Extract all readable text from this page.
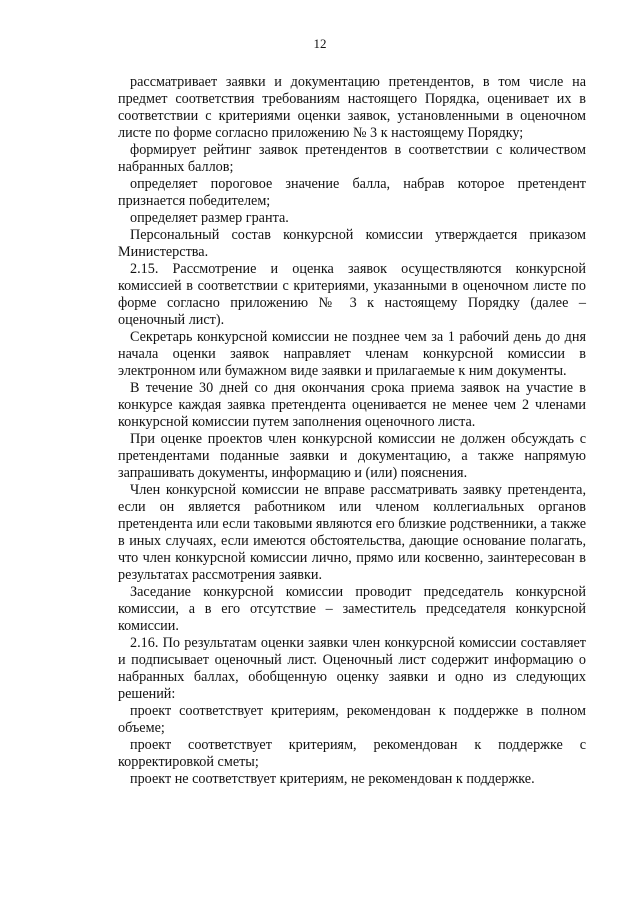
12

рассматривает заявки и документацию претендентов, в том числе на предмет соответствия требованиям настоящего Порядка, оценивает их в соответствии с критериями оценки заявок, установленными в оценочном листе по форме согласно приложению № 3 к настоящему Порядку;

формирует рейтинг заявок претендентов в соответствии с количеством набранных баллов;

определяет пороговое значение балла, набрав которое претендент признается победителем;

определяет размер гранта.

Персональный состав конкурсной комиссии утверждается приказом Министерства.

2.15. Рассмотрение и оценка заявок осуществляются конкурсной комиссией в соответствии с критериями, указанными в оценочном листе по форме согласно приложению № 3 к настоящему Порядку (далее – оценочный лист).

Секретарь конкурсной комиссии не позднее чем за 1 рабочий день до дня начала оценки заявок направляет членам конкурсной комиссии в электронном или бумажном виде заявки и прилагаемые к ним документы.

В течение 30 дней со дня окончания срока приема заявок на участие в конкурсе каждая заявка претендента оценивается не менее чем 2 членами конкурсной комиссии путем заполнения оценочного листа.

При оценке проектов член конкурсной комиссии не должен обсуждать с претендентами поданные заявки и документацию, а также напрямую запрашивать документы, информацию и (или) пояснения.

Член конкурсной комиссии не вправе рассматривать заявку претендента, если он является работником или членом коллегиальных органов претендента или если таковыми являются его близкие родственники, а также в иных случаях, если имеются обстоятельства, дающие основание полагать, что член конкурсной комиссии лично, прямо или косвенно, заинтересован в результатах рассмотрения заявки.

Заседание конкурсной комиссии проводит председатель конкурсной комиссии, а в его отсутствие – заместитель председателя конкурсной комиссии.

2.16. По результатам оценки заявки член конкурсной комиссии составляет и подписывает оценочный лист. Оценочный лист содержит информацию о набранных баллах, обобщенную оценку заявки и одно из следующих решений:

проект соответствует критериям, рекомендован к поддержке в полном объеме;

проект соответствует критериям, рекомендован к поддержке с корректировкой сметы;

проект не соответствует критериям, не рекомендован к поддержке.
